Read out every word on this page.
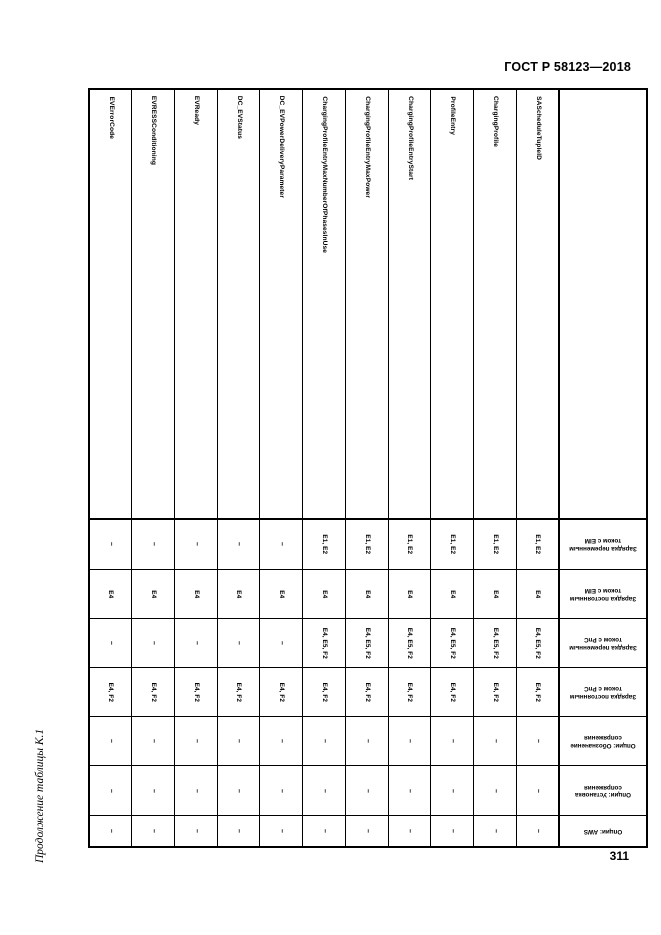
ГОСТ Р 58123—2018
Продолжение таблицы К.1	Опции: AWS	–	–	–	–	–	–	–	–	–	–	–

Опции: Установка сопряжения	–	–	–	–	–	–	–	–	–	–	–

Опции: Обозначение сопряжения	–	–	–	–	–	–	–	–	–	–	–

Зарядка постоянным током с PnC	E4, F2	E4, F2	E4, F2	E4, F2	E4, F2	E4, F2	E4, F2	E4, F2	E4, F2	E4, F2	E4, F2

Зарядка переменным током с PnC	E4, E5, F2	E4, E5, F2	E4, E5, F2	E4, E5, F2	E4, E5, F2	E4, E5, F2	–	–	–	–	–

Зарядка постоянным током с EIM	E4	E4	E4	E4	E4	E4	E4	E4	E4	E4	E4

Зарядка переменным током с EIM	E1, E2	E1, E2	E1, E2	E1, E2	E1, E2	E1, E2	–	–	–	–	–

	SAScheduleTupleID	ChargingProfile	ProfileEntry	ChargingProfileEntryStart	ChargingProfileEntryMaxPower	ChargingProfileEntryMaxNumberOfPhasesInUse	DC_EVPowerDeliveryParameter	DC_EVStatus	EVReady	EVRESSConditioning	EVErrorCode
311
